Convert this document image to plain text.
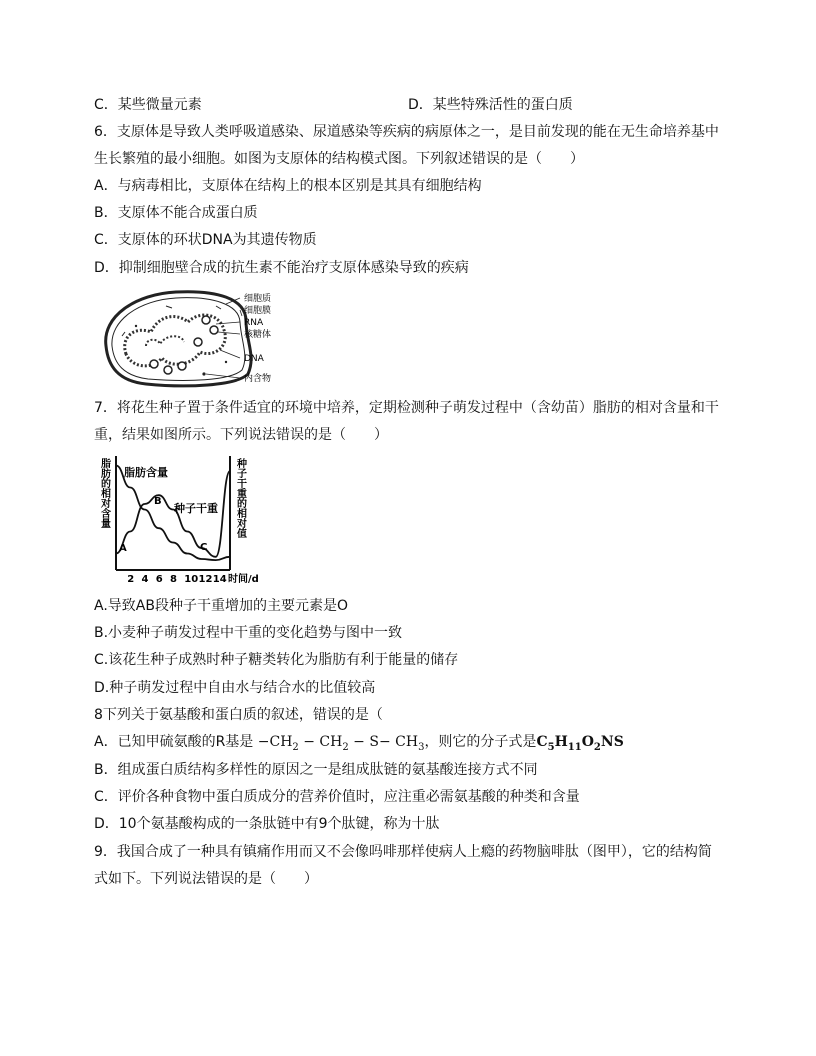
C．某些微量元素	D．某些特殊活性的蛋白质
6．支原体是导致人类呼吸道感染、尿道感染等疾病的病原体之一，是目前发现的能在无生命培养基中
生长繁殖的最小细胞。如图为支原体的结构模式图。下列叙述错误的是（　　）
A．与病毒相比，支原体在结构上的根本区别是其具有细胞结构
B．支原体不能合成蛋白质
C．支原体的环状DNA为其遗传物质
D．抑制细胞壁合成的抗生素不能治疗支原体感染导致的疾病
细胞质
细胞膜
RNA
核糖体
DNA
内含物
7．将花生种子置于条件适宜的环境中培养，定期检测种子萌发过程中（含幼苗）脂肪的相对含量和干
重，结果如图所示。下列说法错误的是（　　）
脂肪的相对含量	种子干重的相对值
脂肪含量
种子干重
A
B
C
2 4 6 8 10 12 14 时间/d
A.导致AB段种子干重增加的主要元素是O
B.小麦种子萌发过程中干重的变化趋势与图中一致
C.该花生种子成熟时种子糖类转化为脂肪有利于能量的储存
D.种子萌发过程中自由水与结合水的比值较高
8下列关于氨基酸和蛋白质的叙述，错误的是（
A．已知甲硫氨酸的R基是 $-CH_2 - CH_2 - S- CH_3$，则它的分子式是$C_5H_{11}O_2NS$
B．组成蛋白质结构多样性的原因之一是组成肽链的氨基酸连接方式不同
C．评价各种食物中蛋白质成分的营养价值时，应注重必需氨基酸的种类和含量
D．10个氨基酸构成的一条肽链中有9个肽键，称为十肽
9．我国合成了一种具有镇痛作用而又不会像吗啡那样使病人上瘾的药物脑啡肽（图甲），它的结构简
式如下。下列说法错误的是（　　）
